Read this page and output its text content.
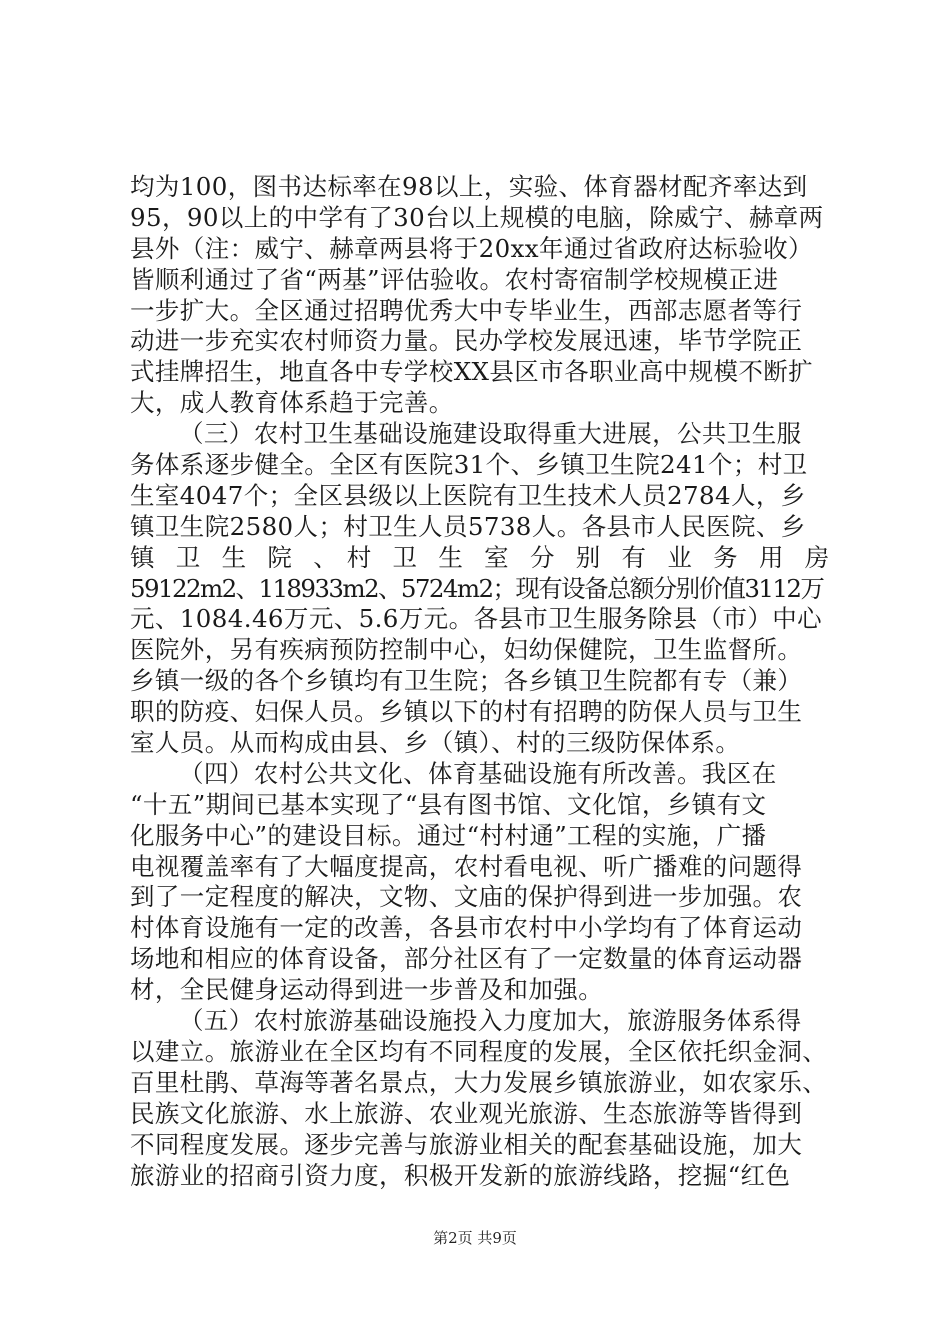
均为100，图书达标率在98以上，实验、体育器材配齐率达到
95，90以上的中学有了30台以上规模的电脑，除威宁、赫章两
县外（注：威宁、赫章两县将于20xx年通过省政府达标验收）
皆顺利通过了省“两基”评估验收。农村寄宿制学校规模正进
一步扩大。全区通过招聘优秀大中专毕业生，西部志愿者等行
动进一步充实农村师资力量。民办学校发展迅速，毕节学院正
式挂牌招生，地直各中专学校XX县区市各职业高中规模不断扩
大，成人教育体系趋于完善。
（三）农村卫生基础设施建设取得重大进展，公共卫生服
务体系逐步健全。全区有医院31个、乡镇卫生院241个；村卫
生室4047个；全区县级以上医院有卫生技术人员2784人，乡
镇卫生院2580人；村卫生人员5738人。各县市人民医院、乡
镇　卫　生　院　、　村　卫　生　室　分　别　有　业　务　用　房
59122m2、118933m2、5724m2；现有设备总额分别价值3112万
元、1084.46万元、5.6万元。各县市卫生服务除县（市）中心
医院外，另有疾病预防控制中心，妇幼保健院，卫生监督所。
乡镇一级的各个乡镇均有卫生院；各乡镇卫生院都有专（兼）
职的防疫、妇保人员。乡镇以下的村有招聘的防保人员与卫生
室人员。从而构成由县、乡（镇）、村的三级防保体系。
（四）农村公共文化、体育基础设施有所改善。我区在
“十五”期间已基本实现了“县有图书馆、文化馆，乡镇有文
化服务中心”的建设目标。通过“村村通”工程的实施，广播
电视覆盖率有了大幅度提高，农村看电视、听广播难的问题得
到了一定程度的解决，文物、文庙的保护得到进一步加强。农
村体育设施有一定的改善，各县市农村中小学均有了体育运动
场地和相应的体育设备，部分社区有了一定数量的体育运动器
材，全民健身运动得到进一步普及和加强。
（五）农村旅游基础设施投入力度加大，旅游服务体系得
以建立。旅游业在全区均有不同程度的发展，全区依托织金洞、
百里杜鹃、草海等著名景点，大力发展乡镇旅游业，如农家乐、
民族文化旅游、水上旅游、农业观光旅游、生态旅游等皆得到
不同程度发展。逐步完善与旅游业相关的配套基础设施，加大
旅游业的招商引资力度，积极开发新的旅游线路，挖掘“红色
第2页 共9页
